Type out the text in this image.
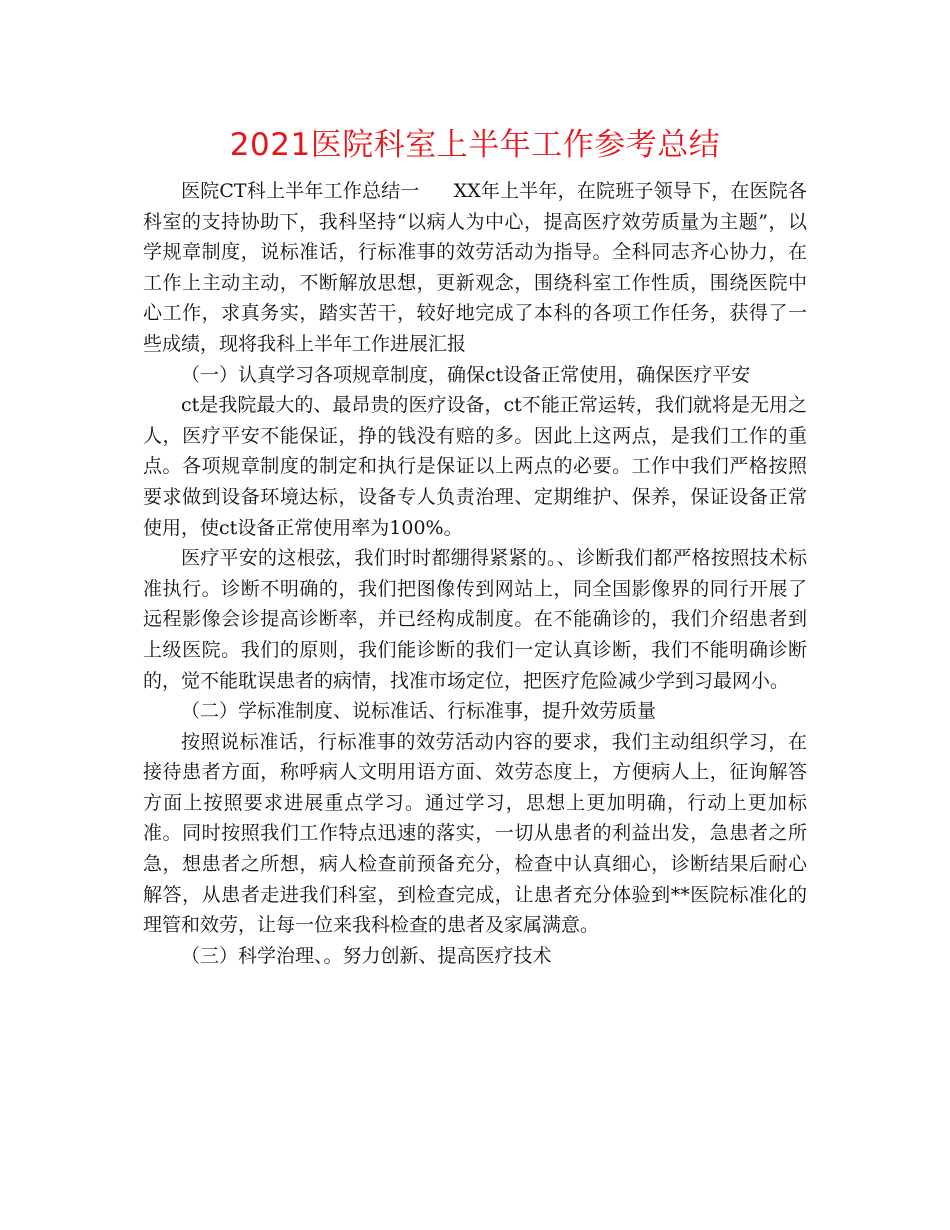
2021医院科室上半年工作参考总结

医院CT科上半年工作总结一 XX年上半年，在院班子领导下，在医院各科室的支持协助下，我科坚持“以病人为中心，提高医疗效劳质量为主题”，以学规章制度，说标准话，行标准事的效劳活动为指导。全科同志齐心协力，在工作上主动主动，不断解放思想，更新观念，围绕科室工作性质，围绕医院中心工作，求真务实，踏实苦干，较好地完成了本科的各项工作任务，获得了一些成绩，现将我科上半年工作进展汇报

（一）认真学习各项规章制度，确保ct设备正常使用，确保医疗平安

ct是我院最大的、最昂贵的医疗设备，ct不能正常运转，我们就将是无用之人，医疗平安不能保证，挣的钱没有赔的多。因此上这两点，是我们工作的重点。各项规章制度的制定和执行是保证以上两点的必要。工作中我们严格按照要求做到设备环境达标，设备专人负责治理、定期维护、保养，保证设备正常使用，使ct设备正常使用率为100%。

医疗平安的这根弦，我们时时都绷得紧紧的。、诊断我们都严格按照技术标准执行。诊断不明确的，我们把图像传到网站上，同全国影像界的同行开展了远程影像会诊提高诊断率，并已经构成制度。在不能确诊的，我们介绍患者到上级医院。我们的原则，我们能诊断的我们一定认真诊断，我们不能明确诊断的，觉不能耽误患者的病情，找准市场定位，把医疗危险减少学到习最网小。

（二）学标准制度、说标准话、行标准事，提升效劳质量

按照说标准话，行标准事的效劳活动内容的要求，我们主动组织学习，在接待患者方面，称呼病人文明用语方面、效劳态度上，方便病人上，征询解答方面上按照要求进展重点学习。通过学习，思想上更加明确，行动上更加标准。同时按照我们工作特点迅速的落实，一切从患者的利益出发，急患者之所急，想患者之所想，病人检查前预备充分，检查中认真细心，诊断结果后耐心解答，从患者走进我们科室，到检查完成，让患者充分体验到**医院标准化的理管和效劳，让每一位来我科检查的患者及家属满意。

（三）科学治理、。努力创新、提高医疗技术
